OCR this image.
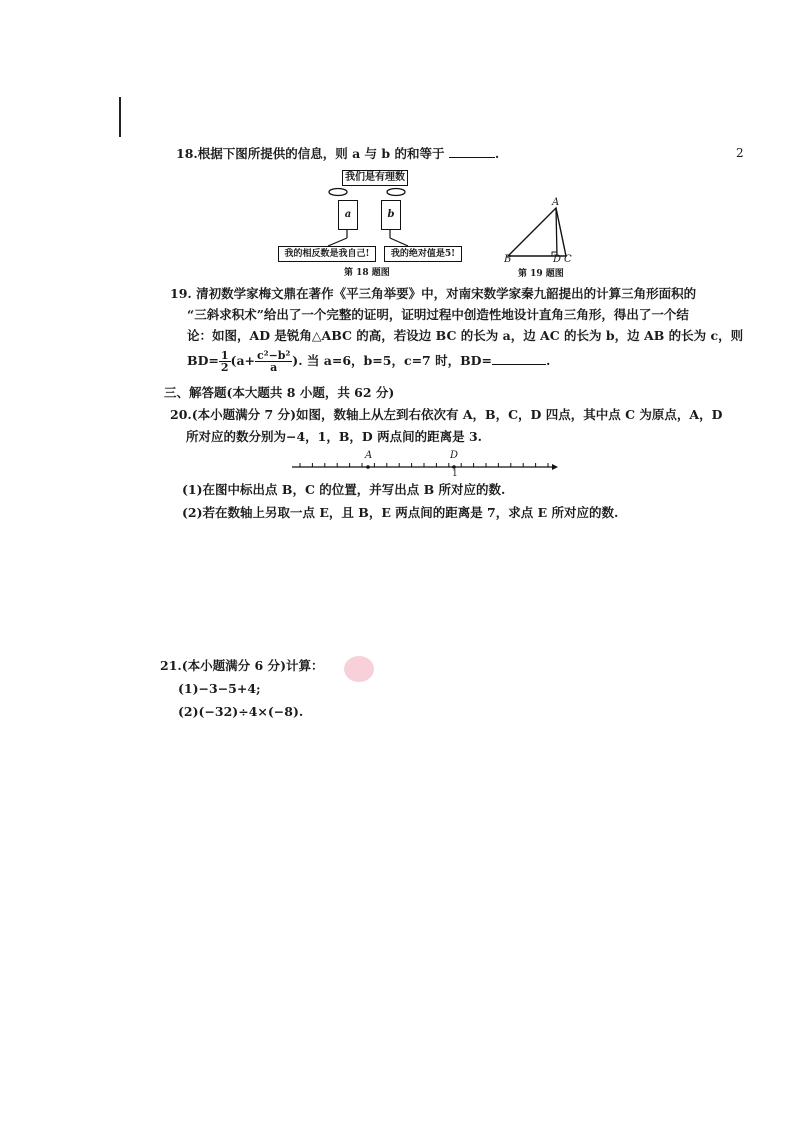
2
18.根据下图所提供的信息，则 a 与 b 的和等于	.
我们是有理数
a	b
我的相反数是我自己!	我的绝对值是5!
第 18 题图
A
B	D C
第 19 题图
19. 清初数学家梅文鼎在著作《平三角举要》中，对南宋数学家秦九韶提出的计算三角形面积的
“三斜求积术”给出了一个完整的证明，证明过程中创造性地设计直角三角形，得出了一个结
论：如图，AD 是锐角△ABC 的高，若设边 BC 的长为 a，边 AC 的长为 b，边 AB 的长为 c，则
$BD= \frac{1}{2} (a+ \frac{\text{c²−b²}}{a}$ ). 当 a=6，b=5，c=7 时，BD=	.
三、解答题(本大题共 8 小题，共 62 分)
20.(本小题满分 7 分)如图，数轴上从左到右依次有 A，B，C，D 四点，其中点 C 为原点，A，D
所对应的数分别为−4，1，B，D 两点间的距离是 3.
A	D
1
(1)在图中标出点 B，C 的位置，并写出点 B 所对应的数.
(2)若在数轴上另取一点 E，且 B，E 两点间的距离是 7，求点 E 所对应的数.
21.(本小题满分 6 分)计算：
(1)−3−5+4;
(2)(−32)÷4×(−8).
